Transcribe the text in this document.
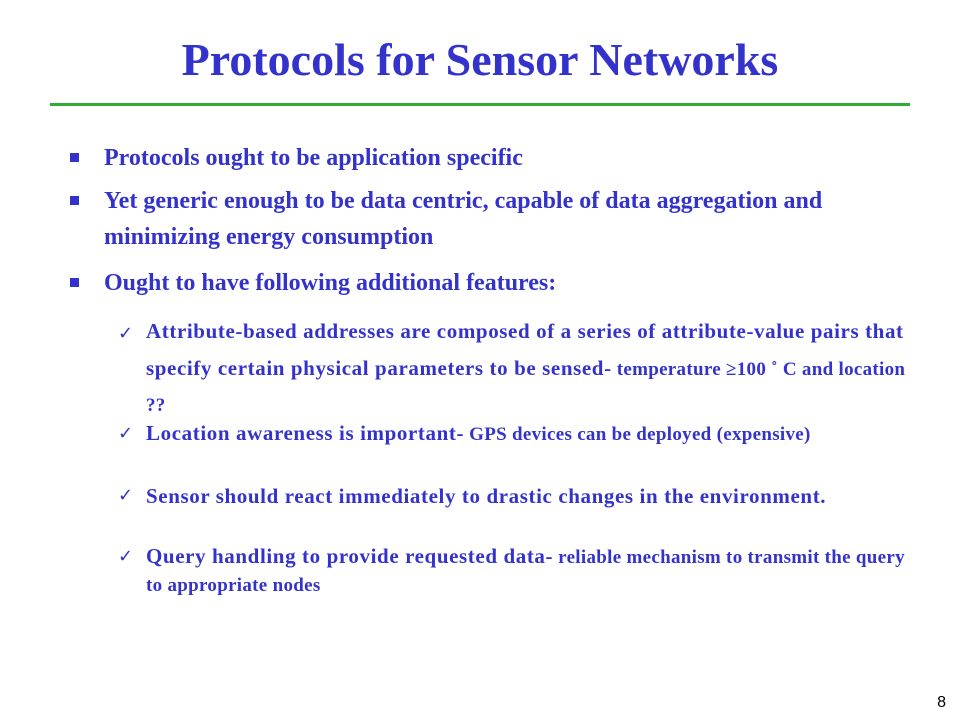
Protocols for Sensor Networks
Protocols ought to be application specific
Yet generic enough to be data centric, capable of data aggregation and minimizing energy consumption
Ought to have following additional features:
✓ Attribute-based addresses are composed of a series of attribute-value pairs that specify certain physical parameters to be sensed- temperature ≥100 ˚ C and location ??
✓ Location awareness is important- GPS devices can be deployed (expensive)
✓ Sensor should react immediately to drastic changes in the environment.
✓ Query handling to provide requested data- reliable mechanism to transmit the query to appropriate nodes
8
